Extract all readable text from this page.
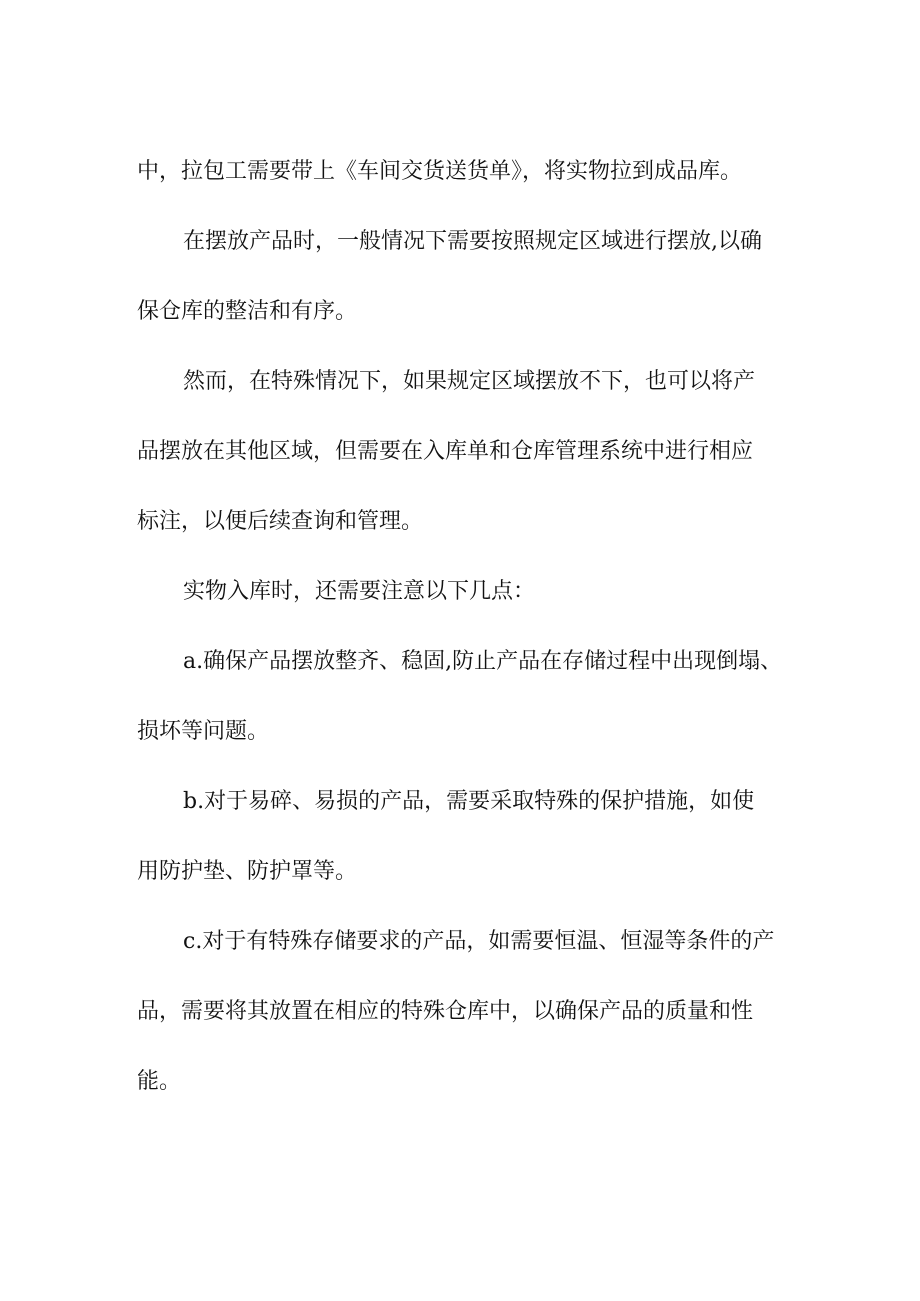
中，拉包工需要带上《车间交货送货单》，将实物拉到成品库。
在摆放产品时，一般情况下需要按照规定区域进行摆放,以确
保仓库的整洁和有序。
然而，在特殊情况下，如果规定区域摆放不下，也可以将产
品摆放在其他区域，但需要在入库单和仓库管理系统中进行相应
标注，以便后续查询和管理。
实物入库时，还需要注意以下几点：
a.确保产品摆放整齐、稳固,防止产品在存储过程中出现倒塌、
损坏等问题。
b.对于易碎、易损的产品，需要采取特殊的保护措施，如使
用防护垫、防护罩等。
c.对于有特殊存储要求的产品，如需要恒温、恒湿等条件的产
品，需要将其放置在相应的特殊仓库中，以确保产品的质量和性
能。
